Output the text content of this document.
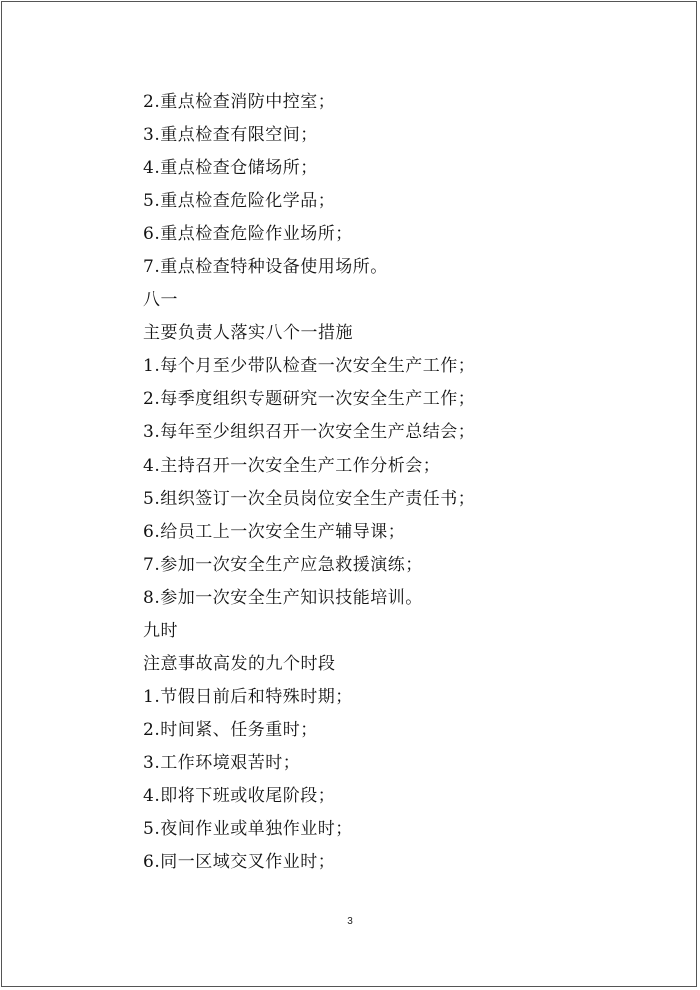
2.重点检查消防中控室；
3.重点检查有限空间；
4.重点检查仓储场所；
5.重点检查危险化学品；
6.重点检查危险作业场所；
7.重点检查特种设备使用场所。
八一
主要负责人落实八个一措施
1.每个月至少带队检查一次安全生产工作；
2.每季度组织专题研究一次安全生产工作；
3.每年至少组织召开一次安全生产总结会；
4.主持召开一次安全生产工作分析会；
5.组织签订一次全员岗位安全生产责任书；
6.给员工上一次安全生产辅导课；
7.参加一次安全生产应急救援演练；
8.参加一次安全生产知识技能培训。
九时
注意事故高发的九个时段
1.节假日前后和特殊时期；
2.时间紧、任务重时；
3.工作环境艰苦时；
4.即将下班或收尾阶段；
5.夜间作业或单独作业时；
6.同一区域交叉作业时；
3
